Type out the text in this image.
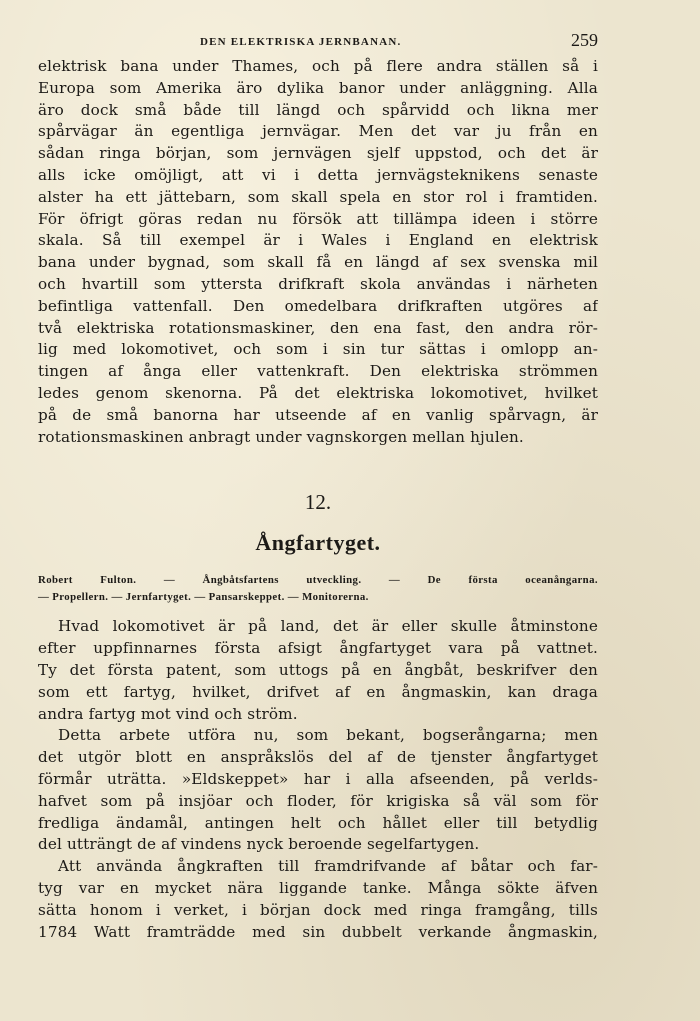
DEN ELEKTRISKA JERNBANAN.	259
elektrisk bana under Thames, och på flere andra ställen så i
Europa som Amerika äro dylika banor under anläggning. Alla
äro dock små både till längd och spårvidd och likna mer
spårvägar än egentliga jernvägar. Men det var ju från en
sådan ringa början, som jernvägen sjelf uppstod, och det är
alls icke omöjligt, att vi i detta jernvägsteknikens senaste
alster ha ett jättebarn, som skall spela en stor rol i framtiden.
För öfrigt göras redan nu försök att tillämpa ideen i större
skala. Så till exempel är i Wales i England en elektrisk
bana under bygnad, som skall få en längd af sex svenska mil
och hvartill som yttersta drifkraft skola användas i närheten
befintliga vattenfall. Den omedelbara drifkraften utgöres af
två elektriska rotationsmaskiner, den ena fast, den andra rör-
lig med lokomotivet, och som i sin tur sättas i omlopp an-
tingen af ånga eller vattenkraft. Den elektriska strömmen
ledes genom skenorna. På det elektriska lokomotivet, hvilket
på de små banorna har utseende af en vanlig spårvagn, är
rotationsmaskinen anbragt under vagnskorgen mellan hjulen.
12.
Ångfartyget.
Robert Fulton. — Ångbåtsfartens utveckling. — De första oceanångarna.
— Propellern. — Jernfartyget. — Pansarskeppet. — Monitorerna.
Hvad lokomotivet är på land, det är eller skulle åtminstone
efter uppfinnarnes första afsigt ångfartyget vara på vattnet.
Ty det första patent, som uttogs på en ångbåt, beskrifver den
som ett fartyg, hvilket, drifvet af en ångmaskin, kan draga
andra fartyg mot vind och ström.
Detta arbete utföra nu, som bekant, bogserångarna; men
det utgör blott en anspråkslös del af de tjenster ångfartyget
förmår uträtta. »Eldskeppet» har i alla afseenden, på verlds-
hafvet som på insjöar och floder, för krigiska så väl som för
fredliga ändamål, antingen helt och hållet eller till betydlig
del utträngt de af vindens nyck beroende segelfartygen.
Att använda ångkraften till framdrifvande af båtar och far-
tyg var en mycket nära liggande tanke. Många sökte äfven
sätta honom i verket, i början dock med ringa framgång, tills
1784 Watt framträdde med sin dubbelt verkande ångmaskin,
